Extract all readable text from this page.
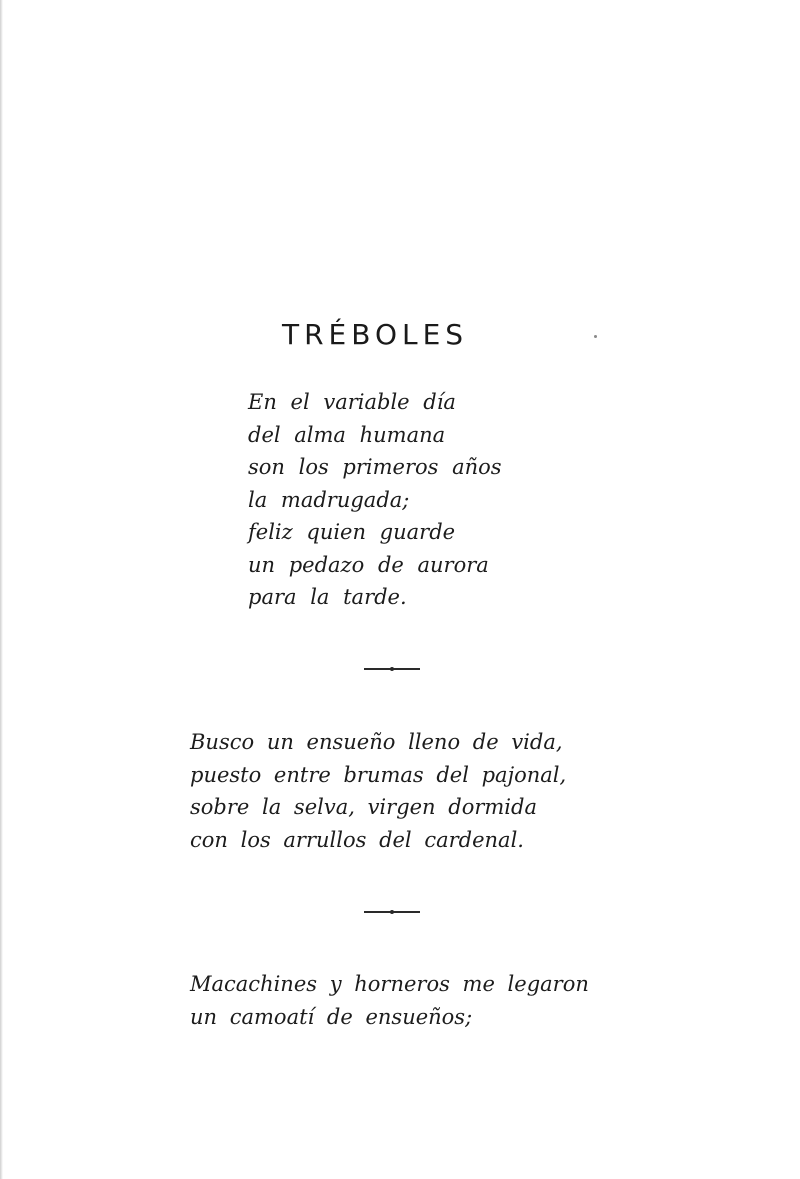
TRÉBOLES
En el variable día
del alma humana
son los primeros años
la madrugada;
feliz quien guarde
un pedazo de aurora
para la tarde.
Busco un ensueño lleno de vida,
puesto entre brumas del pajonal,
sobre la selva, virgen dormida
con los arrullos del cardenal.
Macachines y horneros me legaron
un camoatí de ensueños;
